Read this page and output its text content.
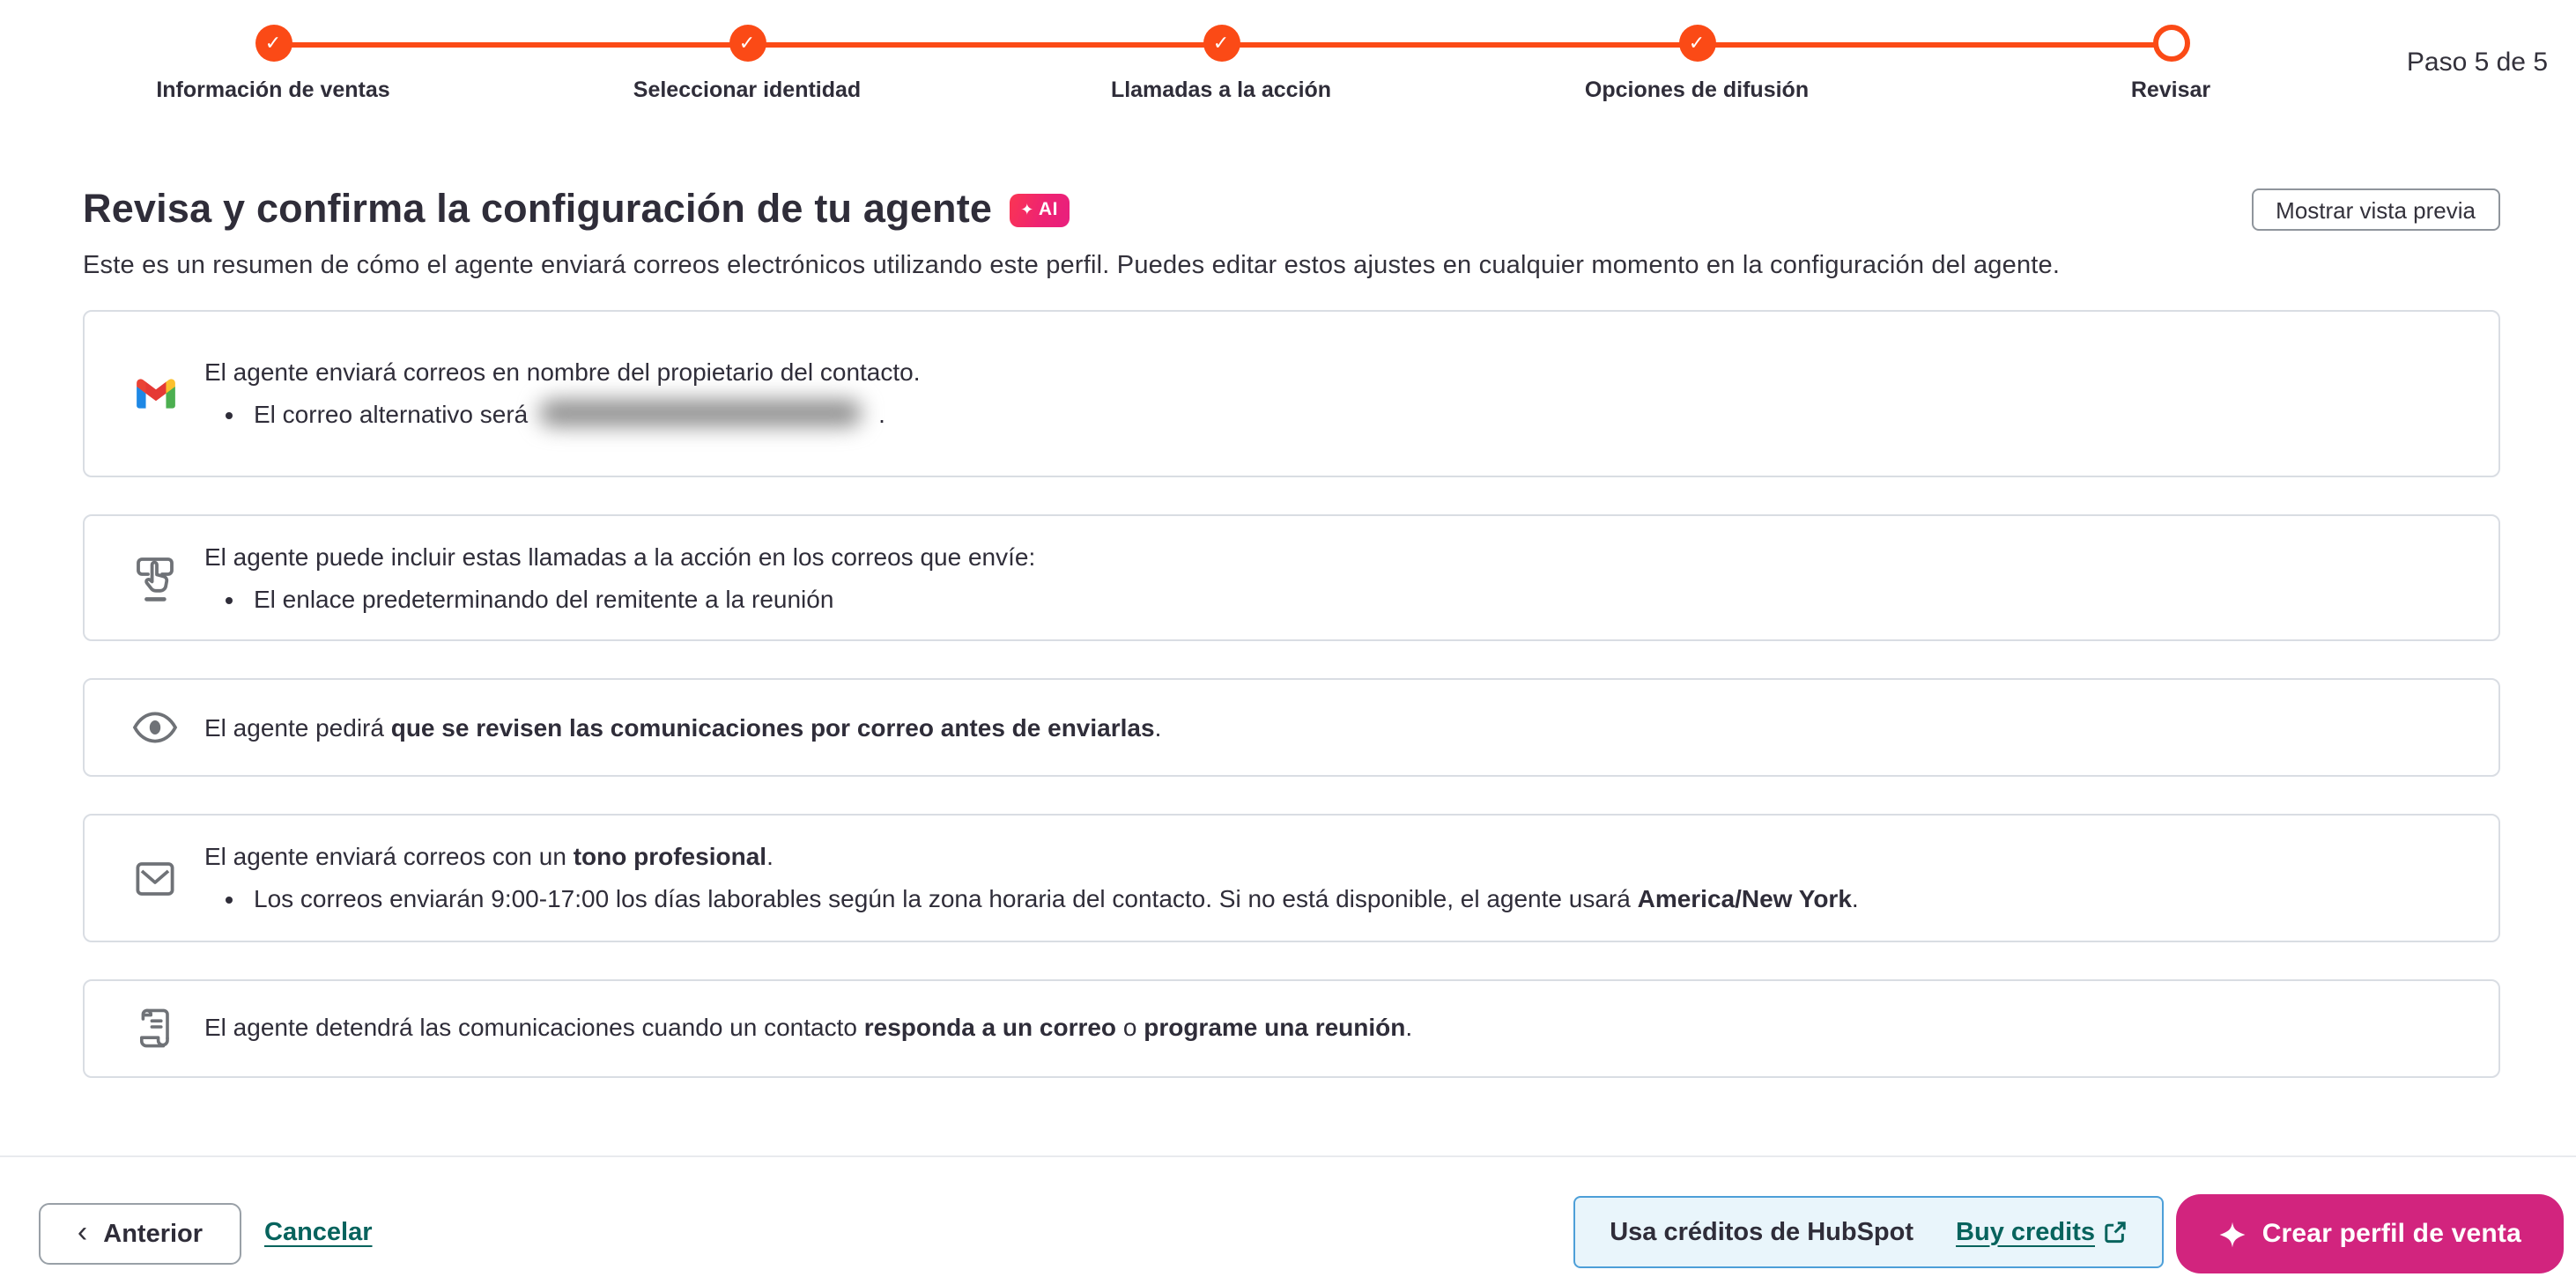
✓
Información de ventas
✓
Seleccionar identidad
✓
Llamadas a la acción
✓
Opciones de difusión	Revisar
Paso 5 de 5
Revisa y confirma la configuración de tu agente	✦ AI	Mostrar vista previa
Este es un resumen de cómo el agente enviará correos electrónicos utilizando este perfil. Puedes editar estos ajustes en cualquier momento en la configuración del agente.
El agente enviará correos en nombre del propietario del contacto.
• El correo alternativo será	.
El agente puede incluir estas llamadas a la acción en los correos que envíe:
• El enlace predeterminando del remitente a la reunión
El agente pedirá que se revisen las comunicaciones por correo antes de enviarlas.
El agente enviará correos con un tono profesional.
• Los correos enviarán 9:00-17:00 los días laborables según la zona horaria del contacto. Si no está disponible, el agente usará America/New York.
El agente detendrá las comunicaciones cuando un contacto responda a un correo o programe una reunión.
‹ Anterior	Cancelar	Usa créditos de HubSpot	Buy credits	Crear perfil de venta
